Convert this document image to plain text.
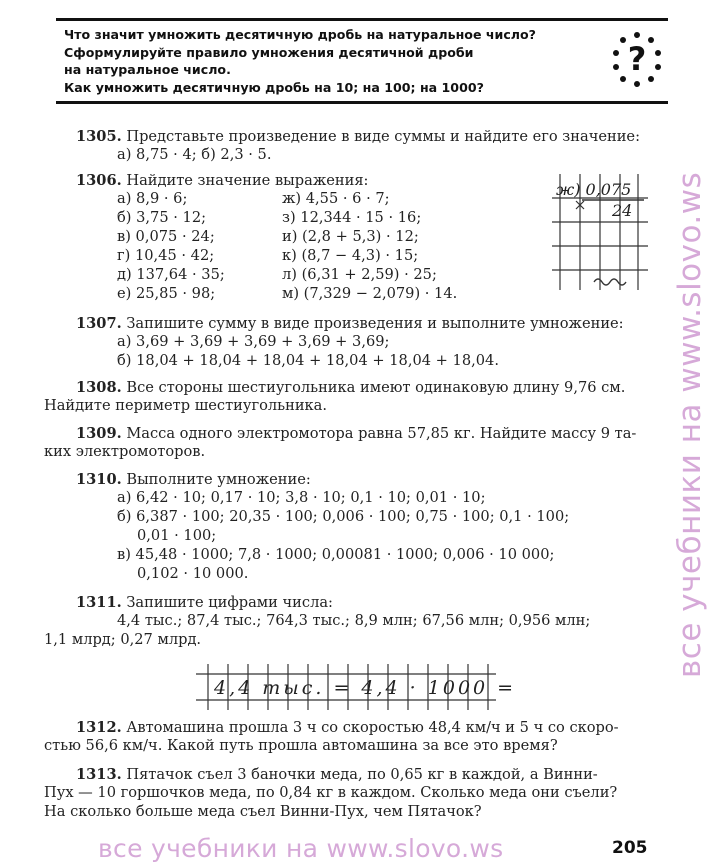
Что значит умножить десятичную дробь на натуральное число?
Сформулируйте правило умножения десятичной дроби
на натуральное число.
Как умножить десятичную дробь на 10; на 100; на 1000?
?
все учебники на www.slovo.ws
1305. Представьте произведение в виде суммы и найдите его значение:
а) 8,75 · 4; б) 2,3 · 5.
1306. Найдите значение выражения:
а) 8,9 · 6;	ж) 4,55 · 6 · 7;
б) 3,75 · 12;	з) 12,344 · 15 · 16;
в) 0,075 · 24;	и) (2,8 + 5,3) · 12;
г) 10,45 · 42;	к) (8,7 − 4,3) · 15;
д) 137,64 · 35;	л) (6,31 + 2,59) · 25;
е) 25,85 · 98;	м) (7,329 − 2,079) · 14.
ж) 0,075
24
1307. Запишите сумму в виде произведения и выполните умножение:
а) 3,69 + 3,69 + 3,69 + 3,69 + 3,69;
б) 18,04 + 18,04 + 18,04 + 18,04 + 18,04 + 18,04.
1308. Все стороны шестиугольника имеют одинаковую длину 9,76 см.
Найдите периметр шестиугольника.
1309. Масса одного электромотора равна 57,85 кг. Найдите массу 9 та-
ких электромоторов.
1310. Выполните умножение:
а) 6,42 · 10; 0,17 · 10; 3,8 · 10; 0,1 · 10; 0,01 · 10;
б) 6,387 · 100; 20,35 · 100; 0,006 · 100; 0,75 · 100; 0,1 · 100;
0,01 · 100;
в) 45,48 · 1000; 7,8 · 1000; 0,00081 · 1000; 0,006 · 10 000;
0,102 · 10 000.
1311. Запишите цифрами числа:
4,4 тыс.; 87,4 тыс.; 764,3 тыс.; 8,9 млн; 67,56 млн; 0,956 млн;
1,1 млрд; 0,27 млрд.
4,4 тыс. = 4,4 · 1000 =
1312. Автомашина прошла 3 ч со скоростью 48,4 км/ч и 5 ч со скоро-
стью 56,6 км/ч. Какой путь прошла автомашина за все это время?
1313. Пятачок съел 3 баночки меда, по 0,65 кг в каждой, а Винни-
Пух — 10 горшочков меда, по 0,84 кг в каждом. Сколько меда они съели?
На сколько больше меда съел Винни-Пух, чем Пятачок?
все учебники на www.slovo.ws	205
